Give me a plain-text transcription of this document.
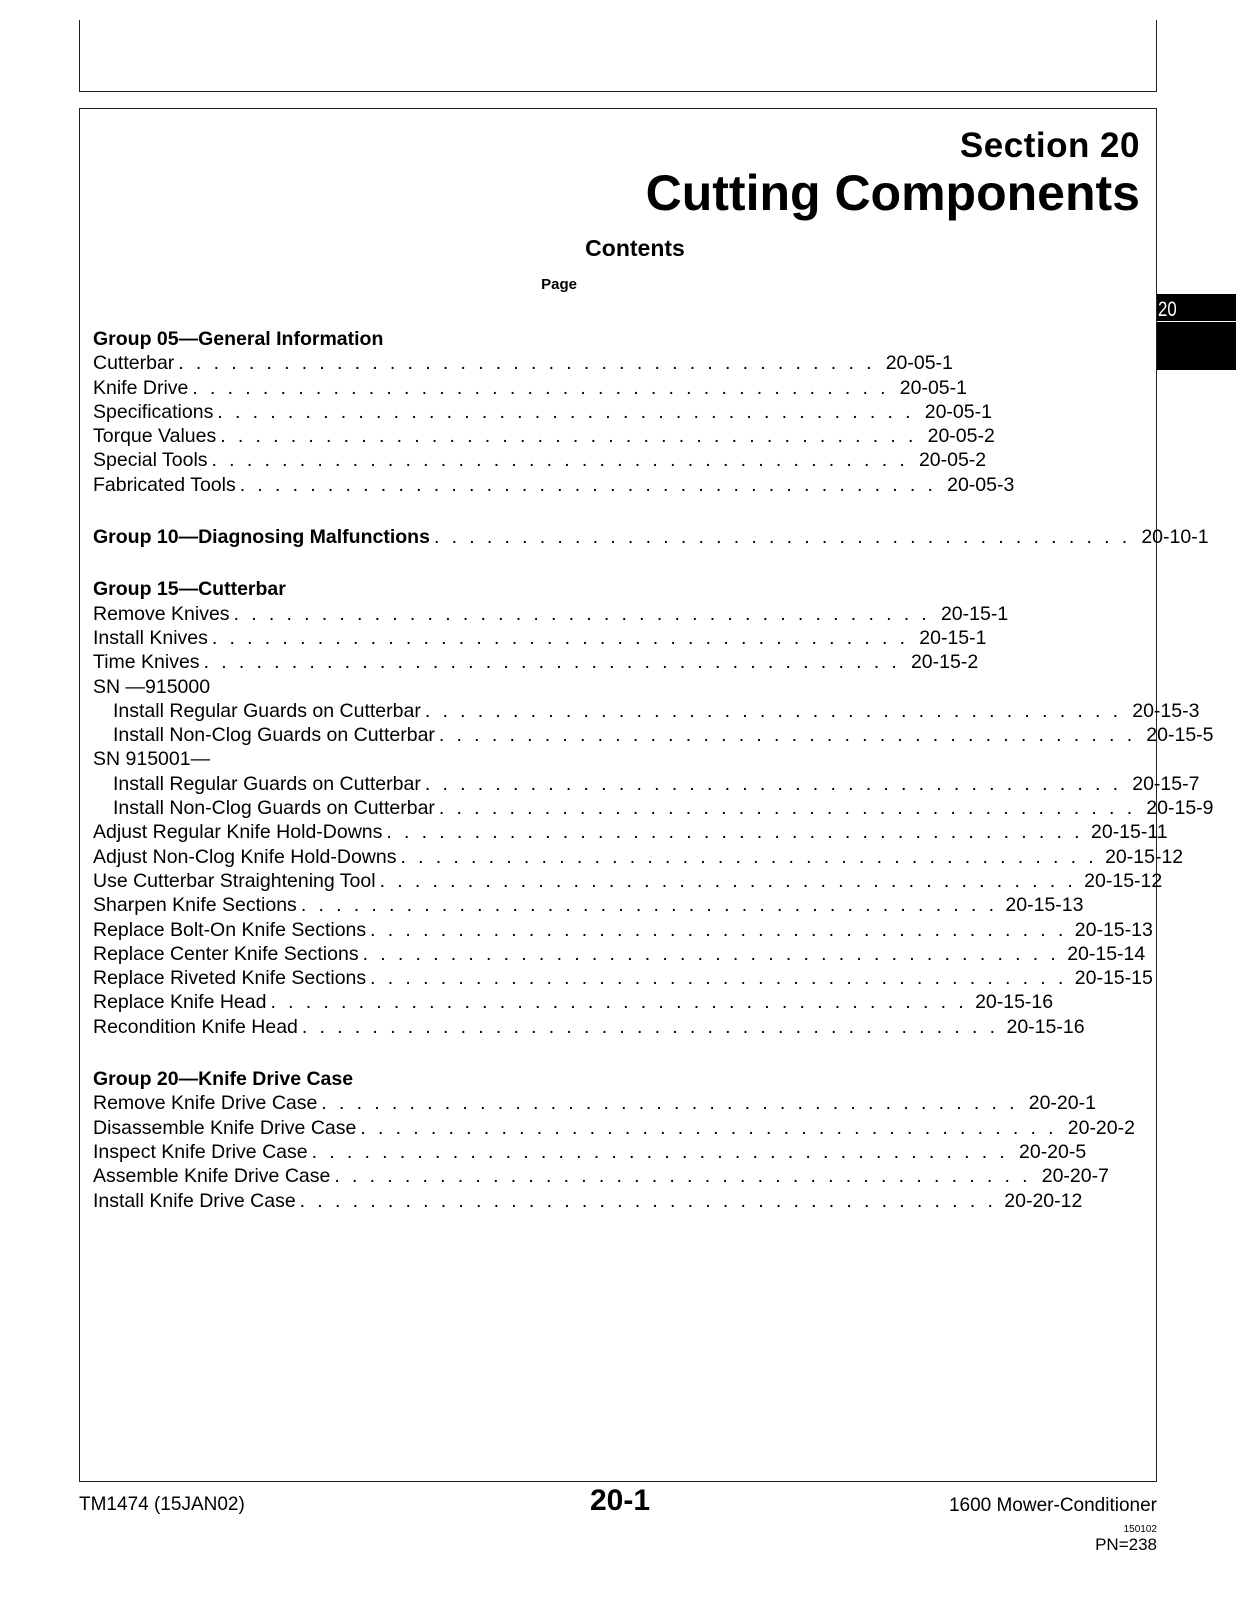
Section 20
Cutting Components
Contents
Page
20
Group 05—General Information
Cutterbar . . . . . . . . . . . . . . . . . . . . . . . . . . . . . . . . . . . . . . . . 20-05-1
Knife Drive . . . . . . . . . . . . . . . . . . . . . . . . . . . . . . . . . . . . . . . . 20-05-1
Specifications . . . . . . . . . . . . . . . . . . . . . . . . . . . . . . . . . . . . . . . . 20-05-1
Torque Values . . . . . . . . . . . . . . . . . . . . . . . . . . . . . . . . . . . . . . . . 20-05-2
Special Tools . . . . . . . . . . . . . . . . . . . . . . . . . . . . . . . . . . . . . . . . 20-05-2
Fabricated Tools . . . . . . . . . . . . . . . . . . . . . . . . . . . . . . . . . . . . . . . . 20-05-3
Group 10—Diagnosing Malfunctions . . . . . . . . . . . . . . . . . . . . . . . . . . . . . . . . . . . . . . . . 20-10-1
Group 15—Cutterbar
Remove Knives . . . . . . . . . . . . . . . . . . . . . . . . . . . . . . . . . . . . . . . . 20-15-1
Install Knives . . . . . . . . . . . . . . . . . . . . . . . . . . . . . . . . . . . . . . . . 20-15-1
Time Knives . . . . . . . . . . . . . . . . . . . . . . . . . . . . . . . . . . . . . . . . 20-15-2
SN —915000
Install Regular Guards on Cutterbar . . . . . . . . . . . . . . . . . . . . . . . . . . . . . . . . . . . . . . . . 20-15-3
Install Non-Clog Guards on Cutterbar . . . . . . . . . . . . . . . . . . . . . . . . . . . . . . . . . . . . . . . . 20-15-5
SN 915001—
Install Regular Guards on Cutterbar . . . . . . . . . . . . . . . . . . . . . . . . . . . . . . . . . . . . . . . . 20-15-7
Install Non-Clog Guards on Cutterbar . . . . . . . . . . . . . . . . . . . . . . . . . . . . . . . . . . . . . . . . 20-15-9
Adjust Regular Knife Hold-Downs . . . . . . . . . . . . . . . . . . . . . . . . . . . . . . . . . . . . . . . . 20-15-11
Adjust Non-Clog Knife Hold-Downs . . . . . . . . . . . . . . . . . . . . . . . . . . . . . . . . . . . . . . . . 20-15-12
Use Cutterbar Straightening Tool . . . . . . . . . . . . . . . . . . . . . . . . . . . . . . . . . . . . . . . . 20-15-12
Sharpen Knife Sections . . . . . . . . . . . . . . . . . . . . . . . . . . . . . . . . . . . . . . . . 20-15-13
Replace Bolt-On Knife Sections . . . . . . . . . . . . . . . . . . . . . . . . . . . . . . . . . . . . . . . . 20-15-13
Replace Center Knife Sections . . . . . . . . . . . . . . . . . . . . . . . . . . . . . . . . . . . . . . . . 20-15-14
Replace Riveted Knife Sections . . . . . . . . . . . . . . . . . . . . . . . . . . . . . . . . . . . . . . . . 20-15-15
Replace Knife Head . . . . . . . . . . . . . . . . . . . . . . . . . . . . . . . . . . . . . . . . 20-15-16
Recondition Knife Head . . . . . . . . . . . . . . . . . . . . . . . . . . . . . . . . . . . . . . . . 20-15-16
Group 20—Knife Drive Case
Remove Knife Drive Case . . . . . . . . . . . . . . . . . . . . . . . . . . . . . . . . . . . . . . . . 20-20-1
Disassemble Knife Drive Case . . . . . . . . . . . . . . . . . . . . . . . . . . . . . . . . . . . . . . . . 20-20-2
Inspect Knife Drive Case . . . . . . . . . . . . . . . . . . . . . . . . . . . . . . . . . . . . . . . . 20-20-5
Assemble Knife Drive Case . . . . . . . . . . . . . . . . . . . . . . . . . . . . . . . . . . . . . . . . 20-20-7
Install Knife Drive Case . . . . . . . . . . . . . . . . . . . . . . . . . . . . . . . . . . . . . . . . 20-20-12
TM1474 (15JAN02)	20-1	1600 Mower-Conditioner
150102
PN=238
